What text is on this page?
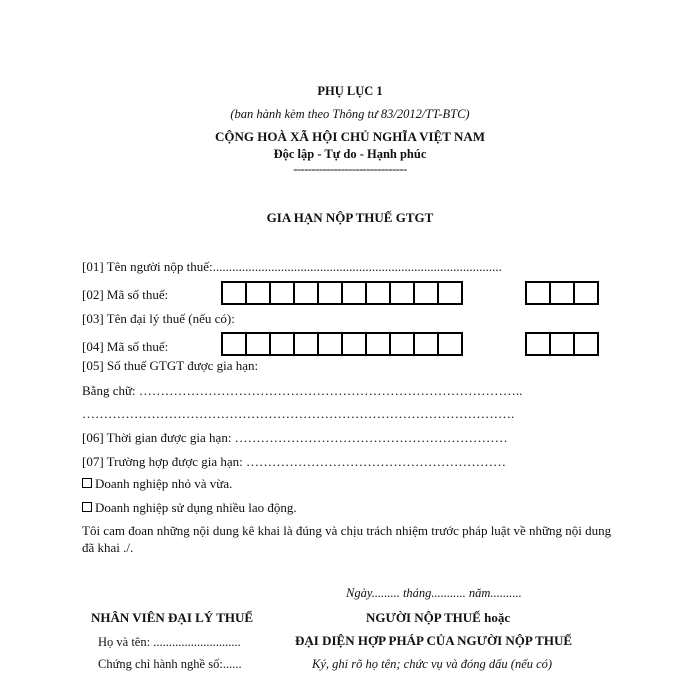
PHỤ LỤC 1
(ban hành kèm theo Thông tư 83/2012/TT-BTC)
CỘNG HOÀ XÃ HỘI CHỦ NGHĨA VIỆT NAM
Độc lập - Tự do - Hạnh phúc
-------------------------------
GIA HẠN NỘP THUẾ GTGT
[01] Tên người nộp thuế:.........................................................................................
[02] Mã số thuế:
[03] Tên đại lý thuế (nếu có):
[04] Mã số thuế:
[05] Số thuế GTGT được gia hạn:
Bằng chữ: ……………………………………………………………………………..
……………………………………………………………………………………….
[06] Thời gian được gia hạn: ………………………………………………………
[07] Trường hợp được gia hạn: ……………………………………………………
Doanh nghiệp nhỏ và vừa.
Doanh nghiệp sử dụng nhiều lao động.
Tôi cam đoan những nội dung kê khai là đúng và chịu trách nhiệm trước pháp luật về những nội dung đã khai ./.
Ngày......... tháng........... năm..........
NHÂN VIÊN ĐẠI LÝ THUẾ
Họ và tên: ............................
Chứng chỉ hành nghề số:......
NGƯỜI NỘP THUẾ hoặc
ĐẠI DIỆN HỢP PHÁP CỦA NGƯỜI NỘP THUẾ
Ký, ghi rõ họ tên; chức vụ và đóng dấu (nếu có)
